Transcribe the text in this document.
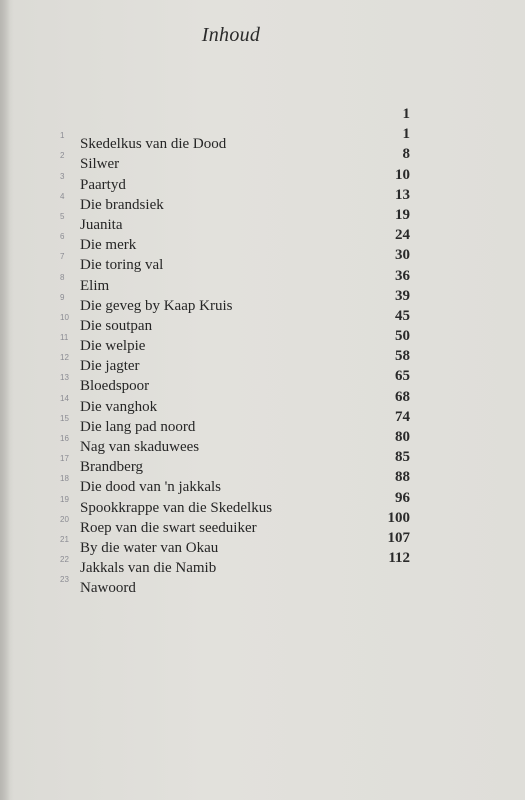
Inhoud
1
1
Skedelkus van die Dood
1
2
Silwer
8
3
Paartyd
10
4
Die brandsiek
13
5
Juanita
19
6
Die merk
24
7
Die toring val
30
8
Elim
36
9
Die geveg by Kaap Kruis
39
10
Die soutpan
45
11
Die welpie
50
12
Die jagter
58
13
Bloedspoor
65
14
Die vanghok
68
15
Die lang pad noord
74
16
Nag van skaduwees
80
17
Brandberg
85
18
Die dood van 'n jakkals
88
19
Spookkrappe van die Skedelkus
96
20
Roep van die swart seeduiker
100
21
By die water van Okau
107
22
Jakkals van die Namib
112
23
Nawoord
